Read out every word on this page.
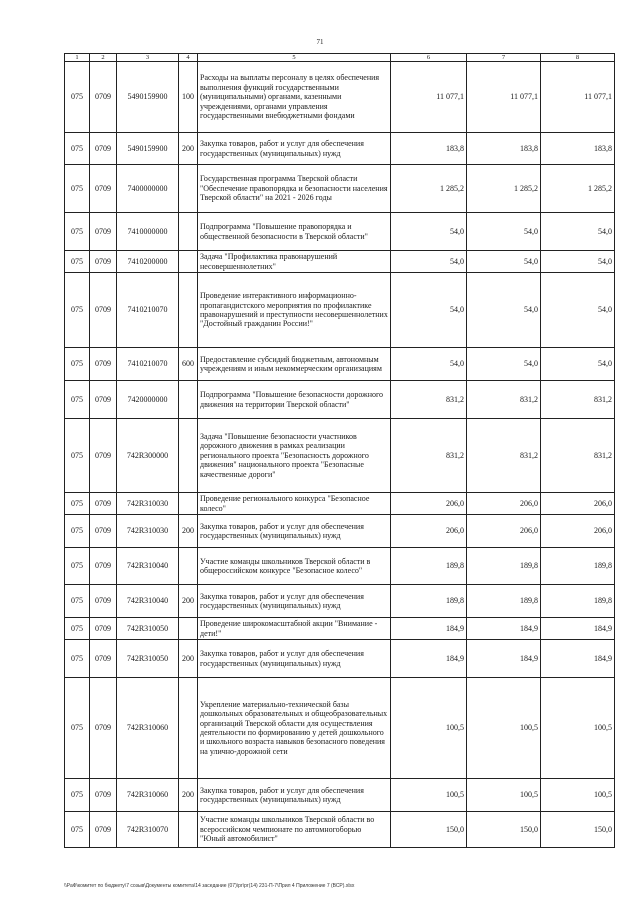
71
1	2	3	4	5	6	7	8
075	0709	5490159900	100	Расходы на выплаты персоналу в целях обеспечения выполнения функций государственными (муниципальными) органами, казенными учреждениями, органами управления государственными внебюджетными фондами	11 077,1	11 077,1	11 077,1
075	0709	5490159900	200	Закупка товаров, работ и услуг для обеспечения государственных (муниципальных) нужд	183,8	183,8	183,8
075	0709	7400000000		Государственная программа Тверской области "Обеспечение правопорядка и безопасности населения Тверской области" на 2021 - 2026 годы	1 285,2	1 285,2	1 285,2
075	0709	7410000000		Подпрограмма "Повышение правопорядка и общественной безопасности в Тверской области"	54,0	54,0	54,0
075	0709	7410200000		Задача "Профилактика правонарушений несовершеннолетних"	54,0	54,0	54,0
075	0709	7410210070		Проведение интерактивного информационно-пропагандистского мероприятия по профилактике правонарушений и преступности несовершеннолетних "Достойный гражданин России!"	54,0	54,0	54,0
075	0709	7410210070	600	Предоставление субсидий бюджетным, автономным учреждениям и иным некоммерческим организациям	54,0	54,0	54,0
075	0709	7420000000		Подпрограмма "Повышение безопасности дорожного движения на территории Тверской области"	831,2	831,2	831,2
075	0709	742R300000		Задача "Повышение безопасности участников дорожного движения в рамках реализации регионального проекта "Безопасность дорожного движения" национального проекта "Безопасные качественные дороги"	831,2	831,2	831,2
075	0709	742R310030		Проведение регионального конкурса "Безопасное колесо"	206,0	206,0	206,0
075	0709	742R310030	200	Закупка товаров, работ и услуг для обеспечения государственных (муниципальных) нужд	206,0	206,0	206,0
075	0709	742R310040		Участие команды школьников Тверской области в общероссийском конкурсе "Безопасное колесо"	189,8	189,8	189,8
075	0709	742R310040	200	Закупка товаров, работ и услуг для обеспечения государственных (муниципальных) нужд	189,8	189,8	189,8
075	0709	742R310050		Проведение широкомасштабной акции "Внимание - дети!"	184,9	184,9	184,9
075	0709	742R310050	200	Закупка товаров, работ и услуг для обеспечения государственных (муниципальных) нужд	184,9	184,9	184,9
075	0709	742R310060		Укрепление материально-технической базы дошкольных образовательных и общеобразовательных организаций Тверской области для осуществления деятельности по формированию у детей дошкольного и школьного возраста навыков безопасного поведения на улично-дорожной сети	100,5	100,5	100,5
075	0709	742R310060	200	Закупка товаров, работ и услуг для обеспечения государственных (муниципальных) нужд	100,5	100,5	100,5
075	0709	742R310070		Участие команды школьников Тверской области во всероссийском чемпионате по автомногоборью "Юный автомобилист"	150,0	150,0	150,0
\\РаФ\комитет по бюджету\7 созыв\Документы комитета\14 заседание (07)\рг\рг(14) 231-П-7\Прил 4 Приложение 7 (ВСР).xlsx
